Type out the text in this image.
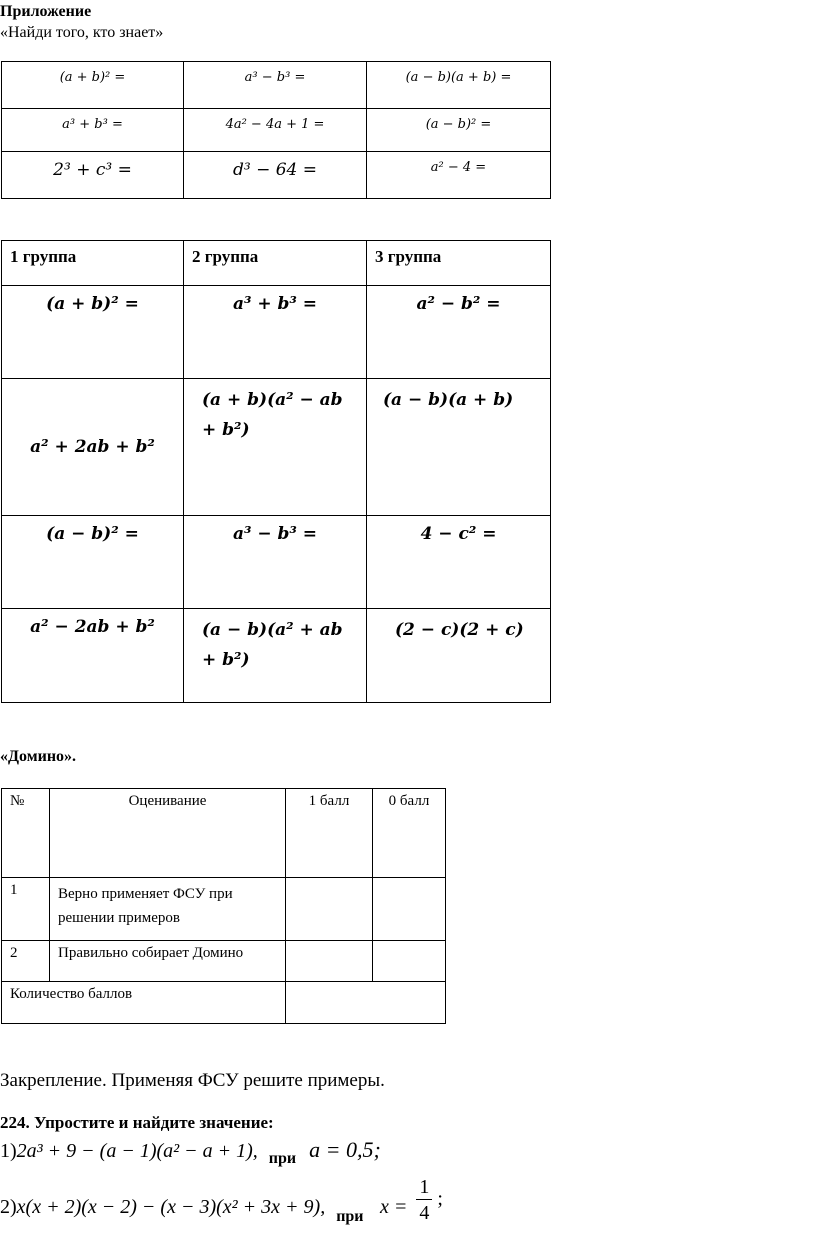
Приложение
«Найди того, кто знает»
(a + b)² =	a³ − b³ =	(a − b)(a + b) =
a³ + b³ =	4a² − 4a + 1 =	(a − b)² =
2³ + c³ =	d³ − 64 =	a² − 4 =
1 группа	2 группа	3 группа
(a + b)² =	a³ + b³ =	a² − b² =
a² + 2ab + b²	(a + b)(a² − ab + b²)	(a − b)(a + b)
(a − b)² =	a³ − b³ =	4 − c² =
a² − 2ab + b²	(a − b)(a² + ab + b²)	(2 − c)(2 + c)
«Домино».
№	Оценивание	1 балл	0 балл
1	Верно применяет ФСУ при решении примеров		
2	Правильно собирает Домино		
Количество баллов			
Закрепление. Применяя ФСУ решите примеры.
224. Упростите и найдите значение:
1)2a³ + 9 − (a − 1)(a² − a + 1), $_{при}$ a = 0,5;
2)x(x + 2)(x − 2) − (x − 3)(x² + 3x + 9), $_{при}$ $x = \frac{1}{4}$ ;
